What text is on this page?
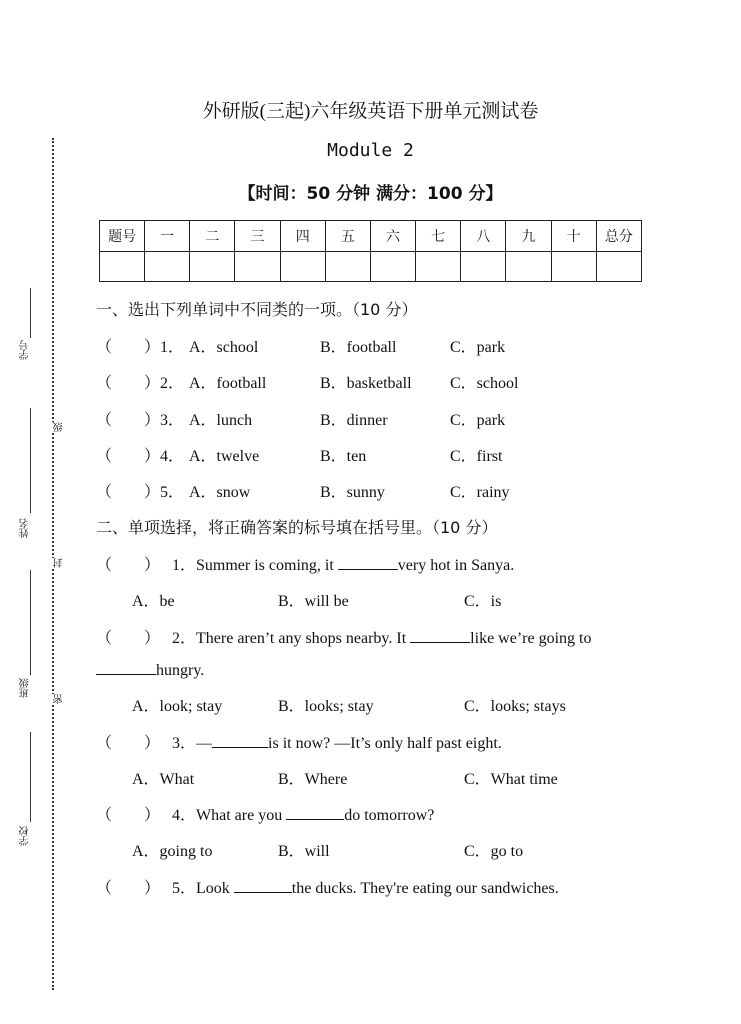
学号
姓名
班级
学校
级
封
密
外研版(三起)六年级英语下册单元测试卷
Module 2
【时间：50 分钟 满分：100 分】
题号	一	二	三	四	五	六	七	八	九	十	总分

一、选出下列单词中不同类的一项。（10 分）
（　　） 1． A．school	B．football	C．park
（　　） 2． A．football	B．basketball C．school
（　　） 3． A．lunch	B．dinner	C．park
（　　） 4． A．twelve	B．ten	C．first
（　　） 5． A．snow	B．sunny	C．rainy
二、单项选择，将正确答案的标号填在括号里。（10 分）
（　　） 1．Summer is coming, it	very hot in Sanya.
A．be	B．will be	C．is
（　　） 2．There aren’t any shops nearby. It	like we’re going to
hungry.
A．look; stay	B．looks; stay	C．looks; stays
（　　） 3．—	is it now? —It’s only half past eight.
A．What	B．Where	C．What time
（　　） 4．What are you	do tomorrow?
A．going to	B．will	C．go to
（　　） 5．Look	the ducks. They're eating our sandwiches.
